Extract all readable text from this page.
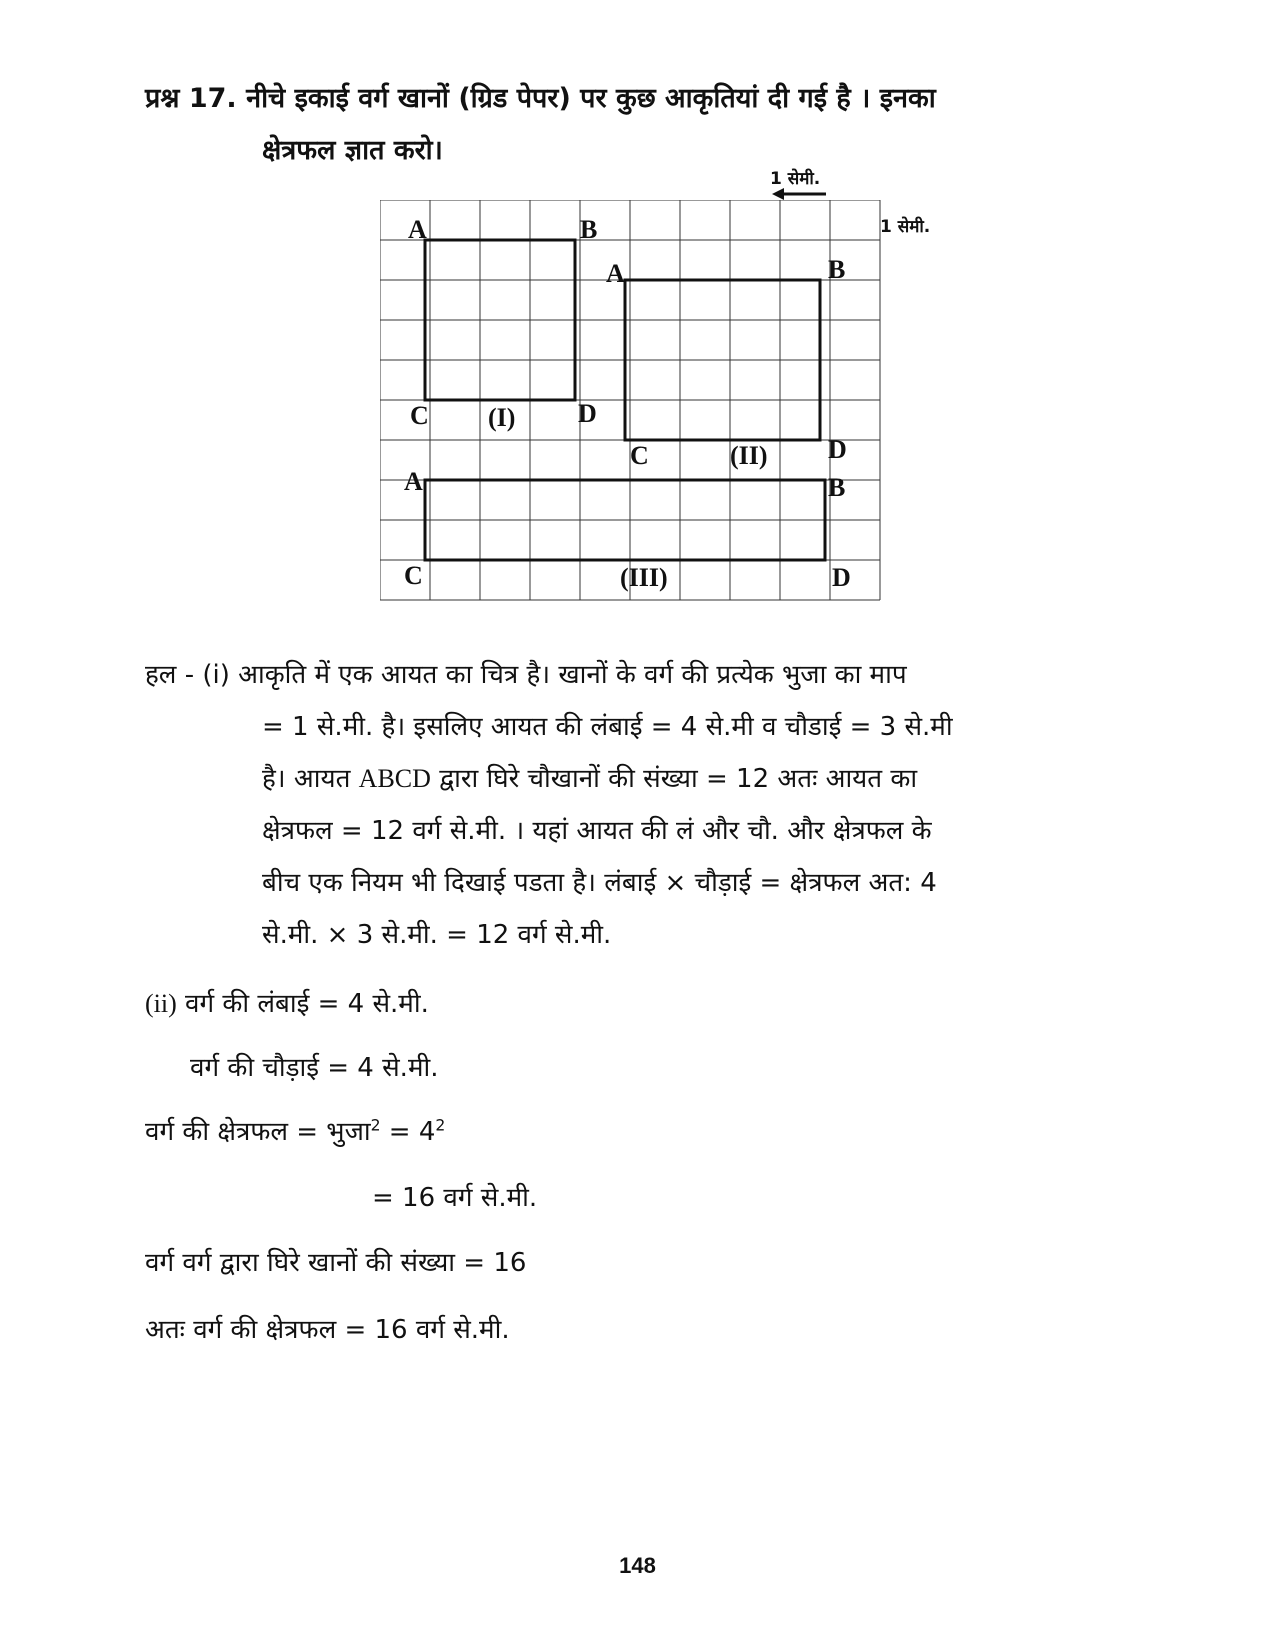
प्रश्न 17. नीचे इकाई वर्ग खानों (ग्रिड पेपर) पर कुछ आकृतियां दी गई है । इनका
क्षेत्रफल ज्ञात करो।
1 सेमी.
1 सेमी.
A	B
C	D
(I)
A	B
C	D
(II)
A	B
C	D
(III)
हल - (i) आकृति में एक आयत का चित्र है। खानों के वर्ग की प्रत्येक भुजा का माप
= 1 से.मी. है। इसलिए आयत की लंबाई = 4 से.मी व चौडाई = 3 से.मी
है। आयत ABCD द्वारा घिरे चौखानों की संख्या = 12 अतः आयत का
क्षेत्रफल = 12 वर्ग से.मी. । यहां आयत की लं और चौ. और क्षेत्रफल के
बीच एक नियम भी दिखाई पडता है। लंबाई × चौड़ाई = क्षेत्रफल अत: 4
से.मी. × 3 से.मी. = 12 वर्ग से.मी.
(ii) वर्ग की लंबाई = 4 से.मी.
वर्ग की चौड़ाई = 4 से.मी.
वर्ग की क्षेत्रफल = भुजा$^2$ = $4^2$
= 16 वर्ग से.मी.
वर्ग वर्ग द्वारा घिरे खानों की संख्या = 16
अतः वर्ग की क्षेत्रफल = 16 वर्ग से.मी.
148
